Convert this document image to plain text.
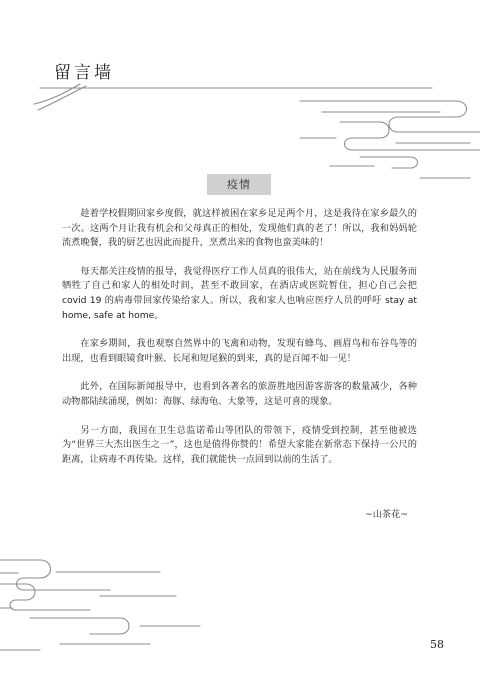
留言墙
疫情

趁着学校假期回家乡度假，就这样被困在家乡足足两个月，这是我待在家乡最久的一次。这两个月让我有机会和父母真正的相处，发现他们真的老了！所以，我和妈妈轮流煮晚餐，我的厨艺也因此而提升，烹煮出来的食物也蛮美味的！

每天都关注疫情的报导，我觉得医疗工作人员真的很伟大，站在前线为人民服务而牺牲了自己和家人的相处时间，甚至不敢回家，在酒店或医院暂住，担心自己会把 covid 19 的病毒带回家传染给家人。所以，我和家人也响应医疗人员的呼吁 stay at home, safe at home。

在家乡期间，我也观察自然界中的飞禽和动物，发现有蜂鸟、画眉鸟和布谷鸟等的出现，也看到眼镜食叶猴、长尾和短尾猴的到来，真的是百闻不如一见！

此外，在国际新闻报导中，也看到各著名的旅游胜地因游客游客的数量减少，各种动物都陆续涌现，例如：海豚、绿海龟、大象等，这是可喜的现象。

另一方面，我国在卫生总监诺希山等团队的带领下，疫情受到控制，甚至他被选为“世界三大杰出医生之一”，这也是值得你赞的！希望大家能在新常态下保持一公尺的距离，让病毒不再传染。这样，我们就能快一点回到以前的生活了。

~山茶花~
58
